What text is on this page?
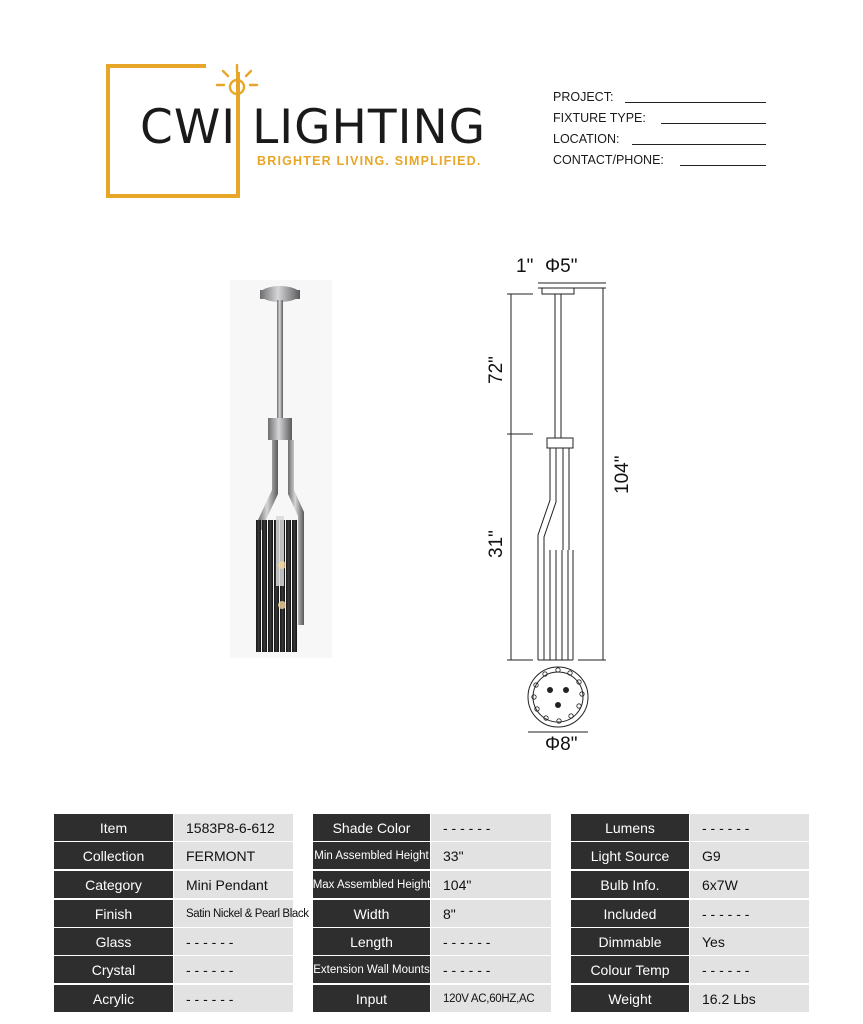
CWI LIGHTING
BRIGHTER LIVING. SIMPLIFIED.
PROJECT:
FIXTURE TYPE:
LOCATION:
CONTACT/PHONE:
1" Φ5"
72"
31"
104"
Φ8"
Item	1583P8-6-612
Collection	FERMONT
Category	Mini Pendant
Finish	Satin Nickel & Pearl Black
Glass	- - - - - -
Crystal	- - - - - -
Acrylic	- - - - - -
Shade Color	- - - - - -
Min Assembled Height	33"
Max Assembled Height 104"
Width	8"
Length	- - - - - -
Extension Wall Mounts - - - - - -
Input	120V AC,60HZ,AC
Lumens	- - - - - -
Light Source	G9
Bulb Info.	6x7W
Included	- - - - - -
Dimmable	Yes
Colour Temp	- - - - - -
Weight	16.2 Lbs
